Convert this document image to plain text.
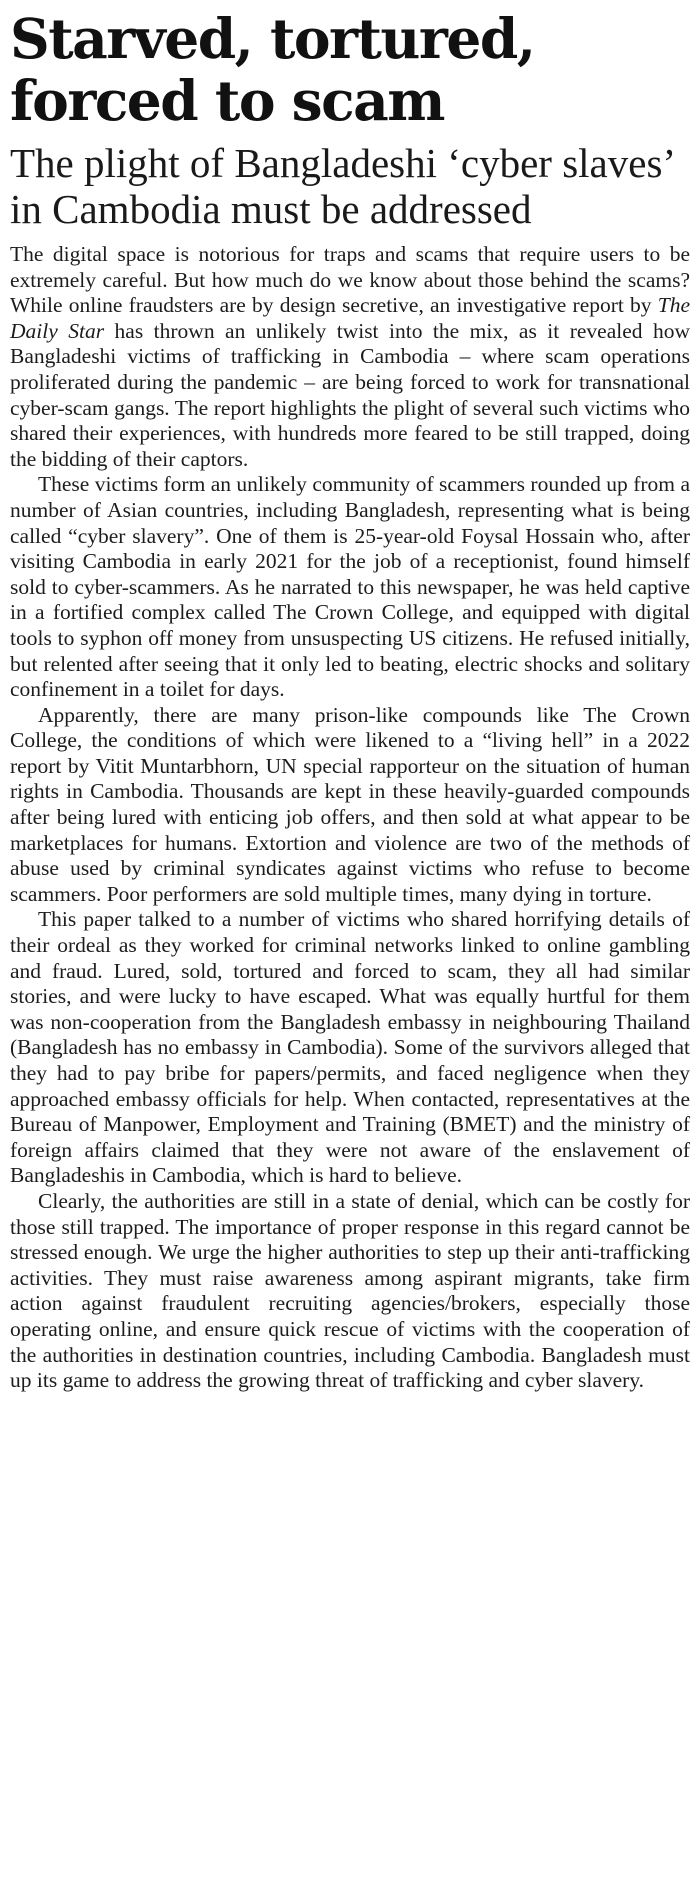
Starved, tortured, forced to scam
The plight of Bangladeshi ‘cyber slaves’ in Cambodia must be addressed

The digital space is notorious for traps and scams that require users to be extremely careful. But how much do we know about those behind the scams? While online fraudsters are by design secretive, an investigative report by The Daily Star has thrown an unlikely twist into the mix, as it revealed how Bangladeshi victims of trafficking in Cambodia – where scam operations proliferated during the pandemic – are being forced to work for transnational cyber-scam gangs. The report highlights the plight of several such victims who shared their experiences, with hundreds more feared to be still trapped, doing the bidding of their captors.

These victims form an unlikely community of scammers rounded up from a number of Asian countries, including Bangladesh, representing what is being called “cyber slavery”. One of them is 25-year-old Foysal Hossain who, after visiting Cambodia in early 2021 for the job of a receptionist, found himself sold to cyber-scammers. As he narrated to this newspaper, he was held captive in a fortified complex called The Crown College, and equipped with digital tools to syphon off money from unsuspecting US citizens. He refused initially, but relented after seeing that it only led to beating, electric shocks and solitary confinement in a toilet for days.

Apparently, there are many prison-like compounds like The Crown College, the conditions of which were likened to a “living hell” in a 2022 report by Vitit Muntarbhorn, UN special rapporteur on the situation of human rights in Cambodia. Thousands are kept in these heavily-guarded compounds after being lured with enticing job offers, and then sold at what appear to be marketplaces for humans. Extortion and violence are two of the methods of abuse used by criminal syndicates against victims who refuse to become scammers. Poor performers are sold multiple times, many dying in torture.

This paper talked to a number of victims who shared horrifying details of their ordeal as they worked for criminal networks linked to online gambling and fraud. Lured, sold, tortured and forced to scam, they all had similar stories, and were lucky to have escaped. What was equally hurtful for them was non-cooperation from the Bangladesh embassy in neighbouring Thailand (Bangladesh has no embassy in Cambodia). Some of the survivors alleged that they had to pay bribe for papers/permits, and faced negligence when they approached embassy officials for help. When contacted, representatives at the Bureau of Manpower, Employment and Training (BMET) and the ministry of foreign affairs claimed that they were not aware of the enslavement of Bangladeshis in Cambodia, which is hard to believe.

Clearly, the authorities are still in a state of denial, which can be costly for those still trapped. The importance of proper response in this regard cannot be stressed enough. We urge the higher authorities to step up their anti-trafficking activities. They must raise awareness among aspirant migrants, take firm action against fraudulent recruiting agencies/brokers, especially those operating online, and ensure quick rescue of victims with the cooperation of the authorities in destination countries, including Cambodia. Bangladesh must up its game to address the growing threat of trafficking and cyber slavery.
